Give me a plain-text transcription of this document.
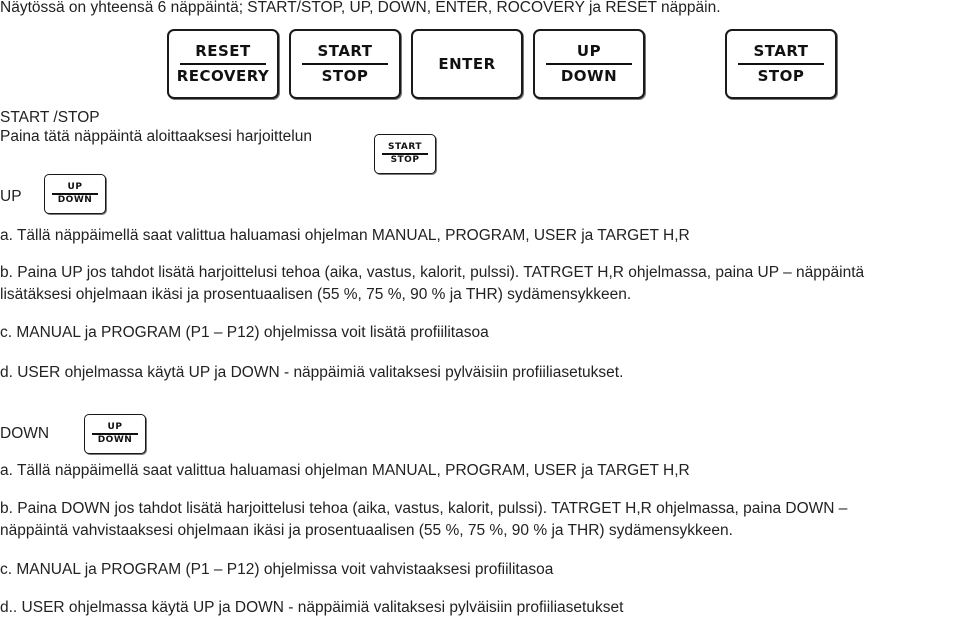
Näytössä on yhteensä 6 näppäintä; START/STOP, UP, DOWN, ENTER, ROCOVERY ja RESET näppäin.
RESET
RECOVERY
START
STOP
ENTER
UP
DOWN
START
STOP
START /STOP
Paina tätä näppäintä aloittaaksesi harjoittelun
START
STOP
UP
UP
DOWN
a. Tällä näppäimellä saat valittua haluamasi ohjelman MANUAL, PROGRAM, USER ja TARGET H,R
b. Paina UP jos tahdot lisätä harjoittelusi tehoa (aika, vastus, kalorit, pulssi). TATRGET H,R ohjelmassa, paina UP – näppäintä
lisätäksesi ohjelmaan ikäsi ja prosentuaalisen (55 %, 75 %, 90 % ja THR) sydämensykkeen.
c. MANUAL ja PROGRAM (P1 – P12) ohjelmissa voit lisätä profiilitasoa
d. USER ohjelmassa käytä UP ja DOWN - näppäimiä valitaksesi pylväisiin profiiliasetukset.
DOWN	UP
DOWN
a. Tällä näppäimellä saat valittua haluamasi ohjelman MANUAL, PROGRAM, USER ja TARGET H,R
b. Paina DOWN jos tahdot lisätä harjoittelusi tehoa (aika, vastus, kalorit, pulssi). TATRGET H,R ohjelmassa, paina DOWN –
näppäintä vahvistaaksesi ohjelmaan ikäsi ja prosentuaalisen (55 %, 75 %, 90 % ja THR) sydämensykkeen.
c. MANUAL ja PROGRAM (P1 – P12) ohjelmissa voit vahvistaaksesi profiilitasoa
d.. USER ohjelmassa käytä UP ja DOWN - näppäimiä valitaksesi pylväisiin profiiliasetukset
